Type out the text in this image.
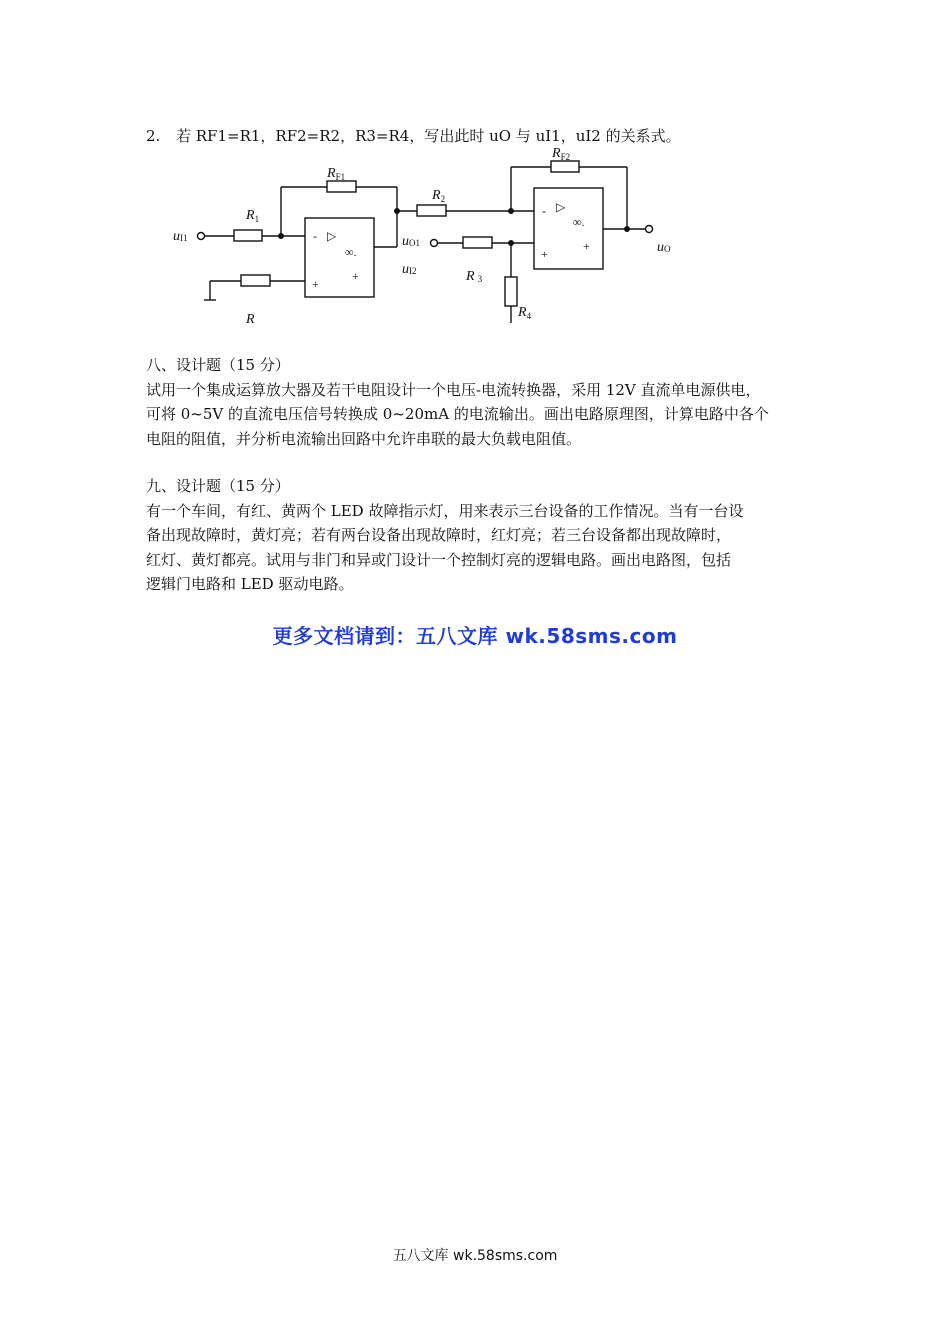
2. 若 RF1=R1，RF2=R2，R3=R4，写出此时 uO 与 uI1，uI2 的关系式。
- ▷
∞.
+
+
- ▷
∞.
+
+
$R_{F1}$
$R_1$
R
$R_2$
$R_{F2}$
R 3
$R_4$
uI1	uO1
uI2
uO

八、设计题（15 分）

试用一个集成运算放大器及若干电阻设计一个电压-电流转换器，采用 12V 直流单电源供电，

可将 0~5V 的直流电压信号转换成 0~20mA 的电流输出。画出电路原理图，计算电路中各个

电阻的阻值，并分析电流输出回路中允许串联的最大负载电阻值。

九、设计题（15 分）

有一个车间，有红、黄两个 LED 故障指示灯，用来表示三台设备的工作情况。当有一台设

备出现故障时，黄灯亮；若有两台设备出现故障时，红灯亮；若三台设备都出现故障时，

红灯、黄灯都亮。试用与非门和异或门设计一个控制灯亮的逻辑电路。画出电路图，包括

逻辑门电路和 LED 驱动电路。

更多文档请到：五八文库 wk.58sms.com
五八文库 wk.58sms.com
